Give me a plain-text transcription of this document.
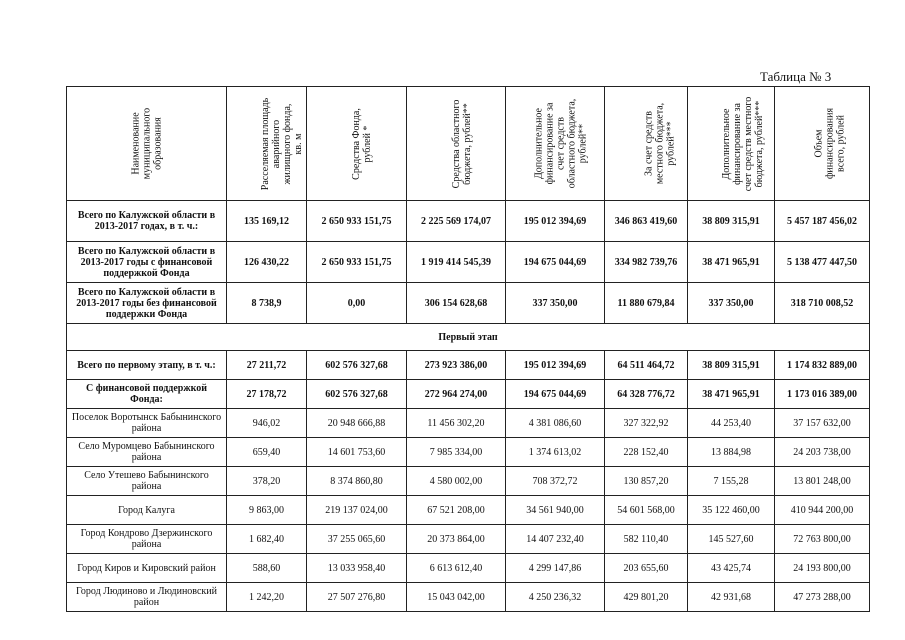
Таблица № 3
Наименование
муниципального
образования	Расселяемая площадь
аварийного
жилищного фонда,
кв. м	Средства Фонда,
рублей *	Средства областного
бюджета, рублей**	Дополнительное
финансирование за
счет средств
областного бюджета,
рублей**	За счет средств
местного бюджета,
рублей***	Дополнительное
финансирование за
счет средств местного
бюджета, рублей***	Объем
финансирования
всего, рублей
Всего по Калужской области в 2013-2017 годах, в т. ч.:	135 169,12	2 650 933 151,75	2 225 569 174,07	195 012 394,69	346 863 419,60	38 809 315,91	5 457 187 456,02
Всего по Калужской области в 2013-2017 годы с финансовой поддержкой Фонда	126 430,22	2 650 933 151,75	1 919 414 545,39	194 675 044,69	334 982 739,76	38 471 965,91	5 138 477 447,50
Всего по Калужской области в 2013-2017 годы без финансовой поддержки Фонда	8 738,9	0,00	306 154 628,68	337 350,00	11 880 679,84	337 350,00	318 710 008,52
Первый этап							
Всего по первому этапу, в т. ч.:	27 211,72	602 576 327,68	273 923 386,00	195 012 394,69	64 511 464,72	38 809 315,91	1 174 832 889,00
С финансовой поддержкой Фонда:	27 178,72	602 576 327,68	272 964 274,00	194 675 044,69	64 328 776,72	38 471 965,91	1 173 016 389,00
Поселок Воротынск Бабынинского района	946,02	20 948 666,88	11 456 302,20	4 381 086,60	327 322,92	44 253,40	37 157 632,00
Село Муромцево Бабынинского района	659,40	14 601 753,60	7 985 334,00	1 374 613,02	228 152,40	13 884,98	24 203 738,00
Село Утешево Бабынинского района	378,20	8 374 860,80	4 580 002,00	708 372,72	130 857,20	7 155,28	13 801 248,00
Город Калуга	9 863,00	219 137 024,00	67 521 208,00	34 561 940,00	54 601 568,00	35 122 460,00	410 944 200,00
Город Кондрово Дзержинского района	1 682,40	37 255 065,60	20 373 864,00	14 407 232,40	582 110,40	145 527,60	72 763 800,00
Город Киров и Кировский район	588,60	13 033 958,40	6 613 612,40	4 299 147,86	203 655,60	43 425,74	24 193 800,00
Город Людиново и Людиновский район	1 242,20	27 507 276,80	15 043 042,00	4 250 236,32	429 801,20	42 931,68	47 273 288,00
